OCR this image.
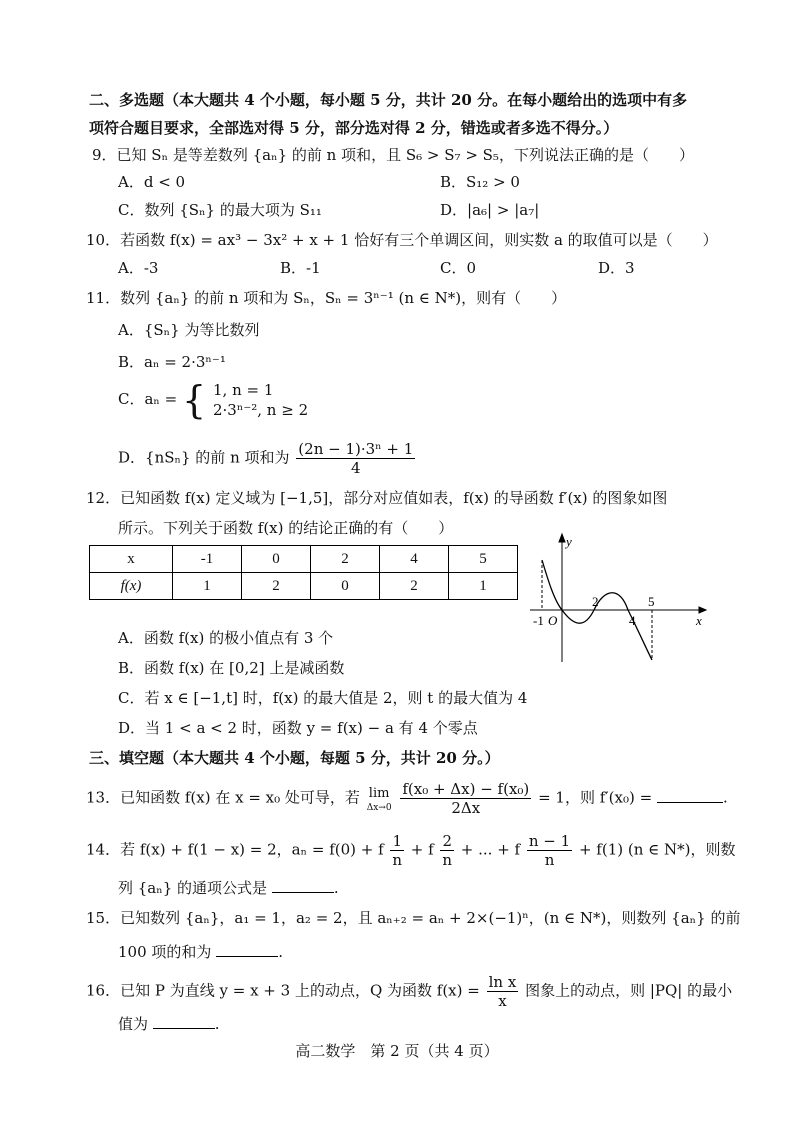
二、多选题（本大题共 4 个小题，每小题 5 分，共计 20 分。在每小题给出的选项中有多
项符合题目要求，全部选对得 5 分，部分选对得 2 分，错选或者多选不得分。）
9．已知 Sₙ 是等差数列 {aₙ} 的前 n 项和，且 S₆ > S₇ > S₅，下列说法正确的是（　　）
A．d < 0	B．S₁₂ > 0
C．数列 {Sₙ} 的最大项为 S₁₁	D．|a₆| > |a₇|
10．若函数 f(x) = ax³ − 3x² + x + 1 恰好有三个单调区间，则实数 a 的取值可以是（　　）
A．-3	B．-1	C．0	D．3
11．数列 {aₙ} 的前 n 项和为 Sₙ，Sₙ = 3ⁿ⁻¹ (n ∈ N*)，则有（　　）
A．{Sₙ} 为等比数列
B．aₙ = 2·3ⁿ⁻¹
C．aₙ = { 1, n = 1
2·3ⁿ⁻², n ≥ 2
D．{nSₙ} 的前 n 项和为 $\frac{\text{(2n − 1)·3ⁿ + 1}}{4}$
12．已知函数 f(x) 定义域为 [−1,5]，部分对应值如表，f(x) 的导函数 f′(x) 的图象如图
所示。下列关于函数 f(x) 的结论正确的有（　　）
x	-1	0	2	4	5
f(x)	1	2	0	2	1
y
x
O
-1
2
4
5
A．函数 f(x) 的极小值点有 3 个
B．函数 f(x) 在 [0,2] 上是减函数
C．若 x ∈ [−1,t] 时，f(x) 的最大值是 2，则 t 的最大值为 4
D．当 1 < a < 2 时，函数 y = f(x) − a 有 4 个零点
三、填空题（本大题共 4 个小题，每题 5 分，共计 20 分。）
13．已知函数 f(x) 在 x = x₀ 处可导，若 lim
Δx→0
$\frac{\text{f(x₀ + Δx) − f(x₀)}}{2\Delta x} = 1$，则 f′(x₀) =	.
14．若 f(x) + f(1 − x) = 2，aₙ = f(0) + f $\frac{1}{n} + f \frac{2}{n}$ + ... + f $\frac{n - 1}{n} + f(1)$ (n ∈ N*)，则数
列 {aₙ} 的通项公式是	.
15．已知数列 {aₙ}，a₁ = 1，a₂ = 2，且 aₙ₊₂ = aₙ + 2×(−1)ⁿ，(n ∈ N*)，则数列 {aₙ} 的前
100 项的和为	.
16．已知 P 为直线 y = x + 3 上的动点，Q 为函数 $f(x) = \frac{\text{ln x}}{x}$ 图象上的动点，则 |PQ| 的最小
值为	.
高二数学　第 2 页（共 4 页）
